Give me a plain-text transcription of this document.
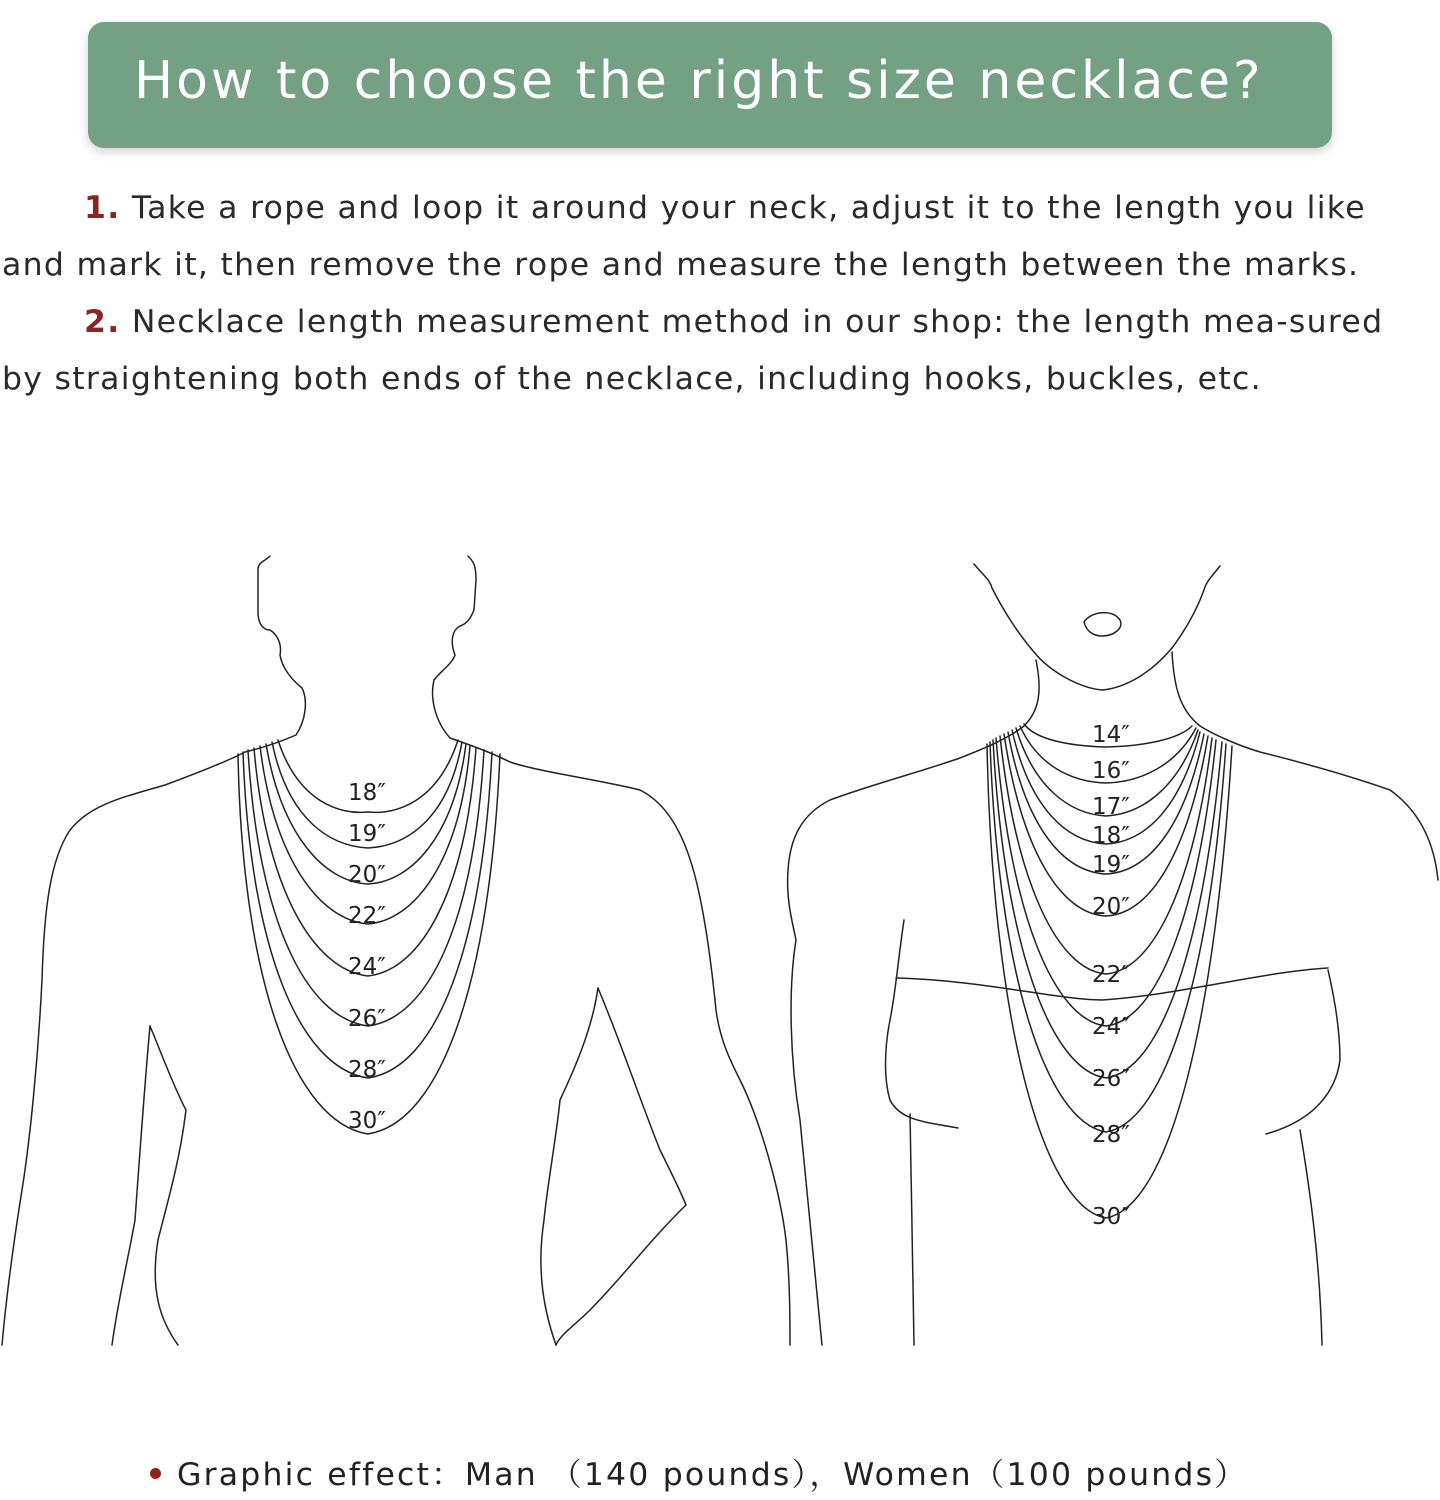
How to choose the right size necklace?

1. Take a rope and loop it around your neck, adjust it to the length you like and mark it, then remove the rope and measure the length between the marks.

2. Necklace length measurement method in our shop: the length mea-sured by straightening both ends of the necklace, including hooks, buckles, etc.

18″
19″
20″
22″
24″
26″
28″
30″
14″
16″
17″
18″
19″
20″
22″
24″
26″
28″
30″
Graphic effect：Man （140 pounds），Women（100 pounds）
